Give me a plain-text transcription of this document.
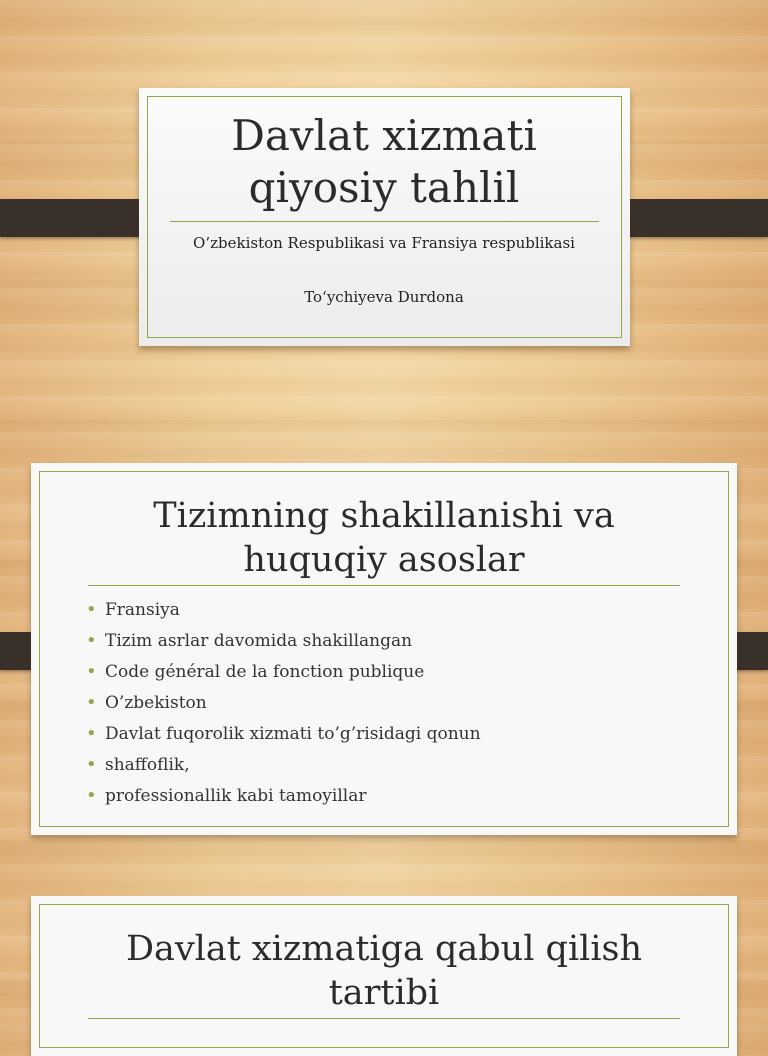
Davlat xizmati
qiyosiy tahlil
O’zbekiston Respublikasi va Fransiya respublikasi
To‘ychiyeva Durdona
Tizimning shakillanishi va
huquqiy asoslar
• Fransiya
• Tizim asrlar davomida shakillangan
• Code général de la fonction publique
• O’zbekiston
• Davlat fuqorolik xizmati to’g’risidagi qonun
• shaffoflik,
• professionallik kabi tamoyillar
Davlat xizmatiga qabul qilish
tartibi
